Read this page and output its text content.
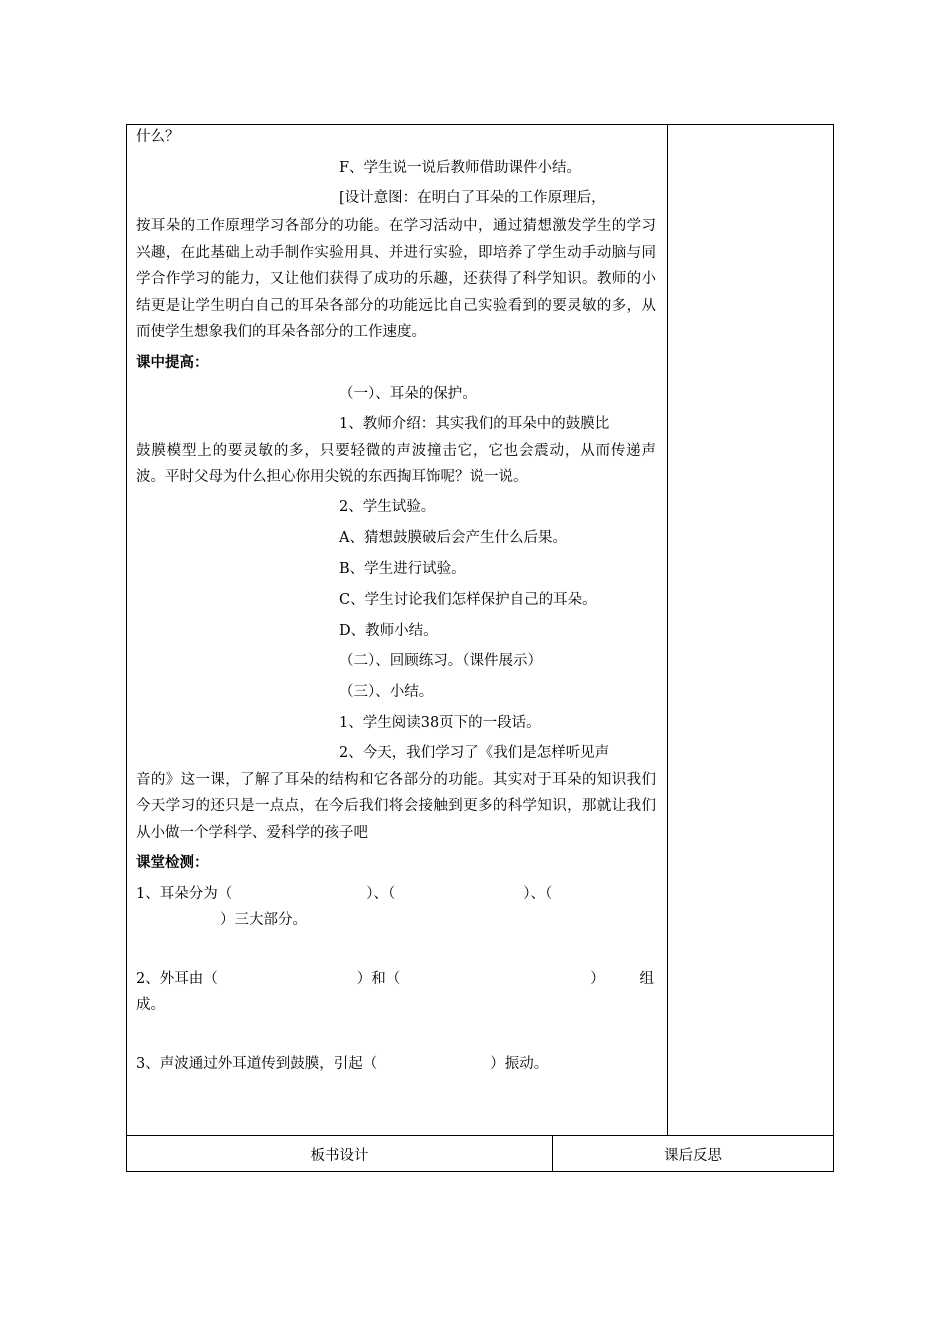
什么？

F、学生说一说后教师借助课件小结。

[设计意图：在明白了耳朵的工作原理后，

按耳朵的工作原理学习各部分的功能。在学习活动中，通过猜想激发学生的学习兴趣，在此基础上动手制作实验用具、并进行实验，即培养了学生动手动脑与同学合作学习的能力，又让他们获得了成功的乐趣，还获得了科学知识。教师的小结更是让学生明白自己的耳朵各部分的功能远比自己实验看到的要灵敏的多，从而使学生想象我们的耳朵各部分的工作速度。

课中提高：

（一）、耳朵的保护。

1、教师介绍：其实我们的耳朵中的鼓膜比

鼓膜模型上的要灵敏的多，只要轻微的声波撞击它，它也会震动，从而传递声波。平时父母为什么担心你用尖锐的东西掏耳饰呢？说一说。

2、学生试验。

A、猜想鼓膜破后会产生什么后果。

B、学生进行试验。

C、学生讨论我们怎样保护自己的耳朵。

D、教师小结。

（二）、回顾练习。（课件展示）

（三）、小结。

1、学生阅读38页下的一段话。

2、今天，我们学习了《我们是怎样听见声

音的》这一课，了解了耳朵的结构和它各部分的功能。其实对于耳朵的知识我们今天学习的还只是一点点，在今后我们将会接触到更多的科学知识，那就让我们从小做一个学科学、爱科学的孩子吧

课堂检测：

1、耳朵分为（	）、（	）、（
）三大部分。
2、外耳由（	）和（	） 组
成。
3、声波通过外耳道传到鼓膜，引起（	）振动。
板书设计	课后反思
